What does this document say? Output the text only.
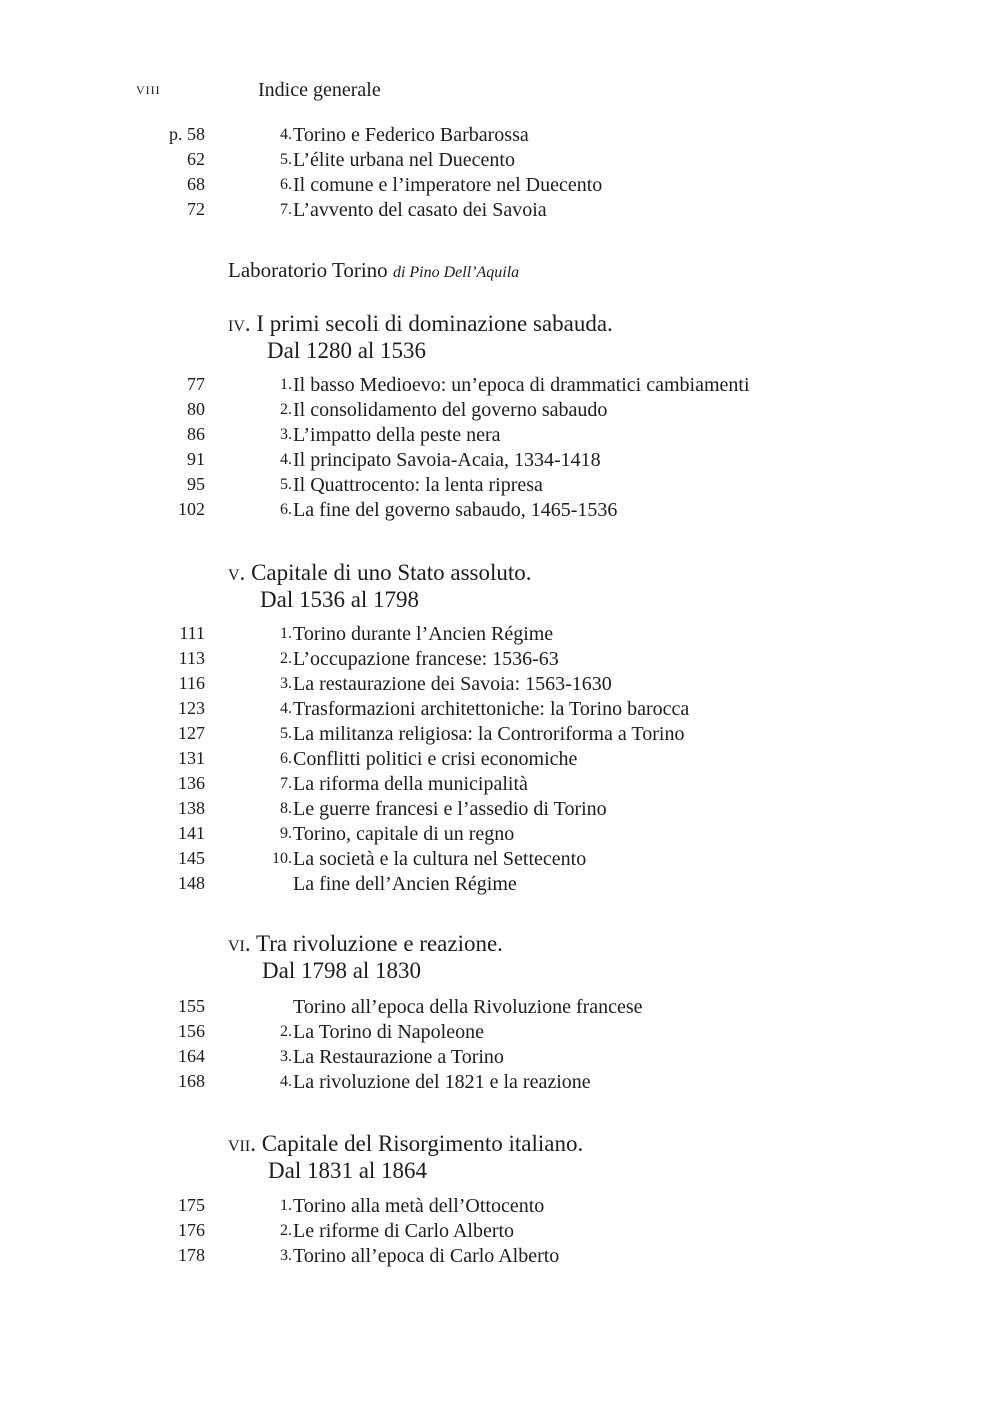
viii	Indice generale
p. 58	4. Torino e Federico Barbarossa
62	5. L’élite urbana nel Duecento
68	6. Il comune e l’imperatore nel Duecento
72	7. L’avvento del casato dei Savoia
Laboratorio Torino di Pino Dell’Aquila
iv. I primi secoli di dominazione sabauda.
Dal 1280 al 1536
77	1. Il basso Medioevo: un’epoca di drammatici cambiamenti
80	2. Il consolidamento del governo sabaudo
86	3. L’impatto della peste nera
91	4. Il principato Savoia-Acaia, 1334-1418
95	5. Il Quattrocento: la lenta ripresa
102	6. La fine del governo sabaudo, 1465-1536
v. Capitale di uno Stato assoluto.
Dal 1536 al 1798
111	1. Torino durante l’Ancien Régime
113	2. L’occupazione francese: 1536-63
116	3. La restaurazione dei Savoia: 1563-1630
123	4. Trasformazioni architettoniche: la Torino barocca
127	5. La militanza religiosa: la Controriforma a Torino
131	6. Conflitti politici e crisi economiche
136	7. La riforma della municipalità
138	8. Le guerre francesi e l’assedio di Torino
141	9. Torino, capitale di un regno
145	10. La società e la cultura nel Settecento
148	La fine dell’Ancien Régime
vi. Tra rivoluzione e reazione.
Dal 1798 al 1830
155	Torino all’epoca della Rivoluzione francese
156	2. La Torino di Napoleone
164	3. La Restaurazione a Torino
168	4. La rivoluzione del 1821 e la reazione
vii. Capitale del Risorgimento italiano.
Dal 1831 al 1864
175	1. Torino alla metà dell’Ottocento
176	2. Le riforme di Carlo Alberto
178	3. Torino all’epoca di Carlo Alberto
